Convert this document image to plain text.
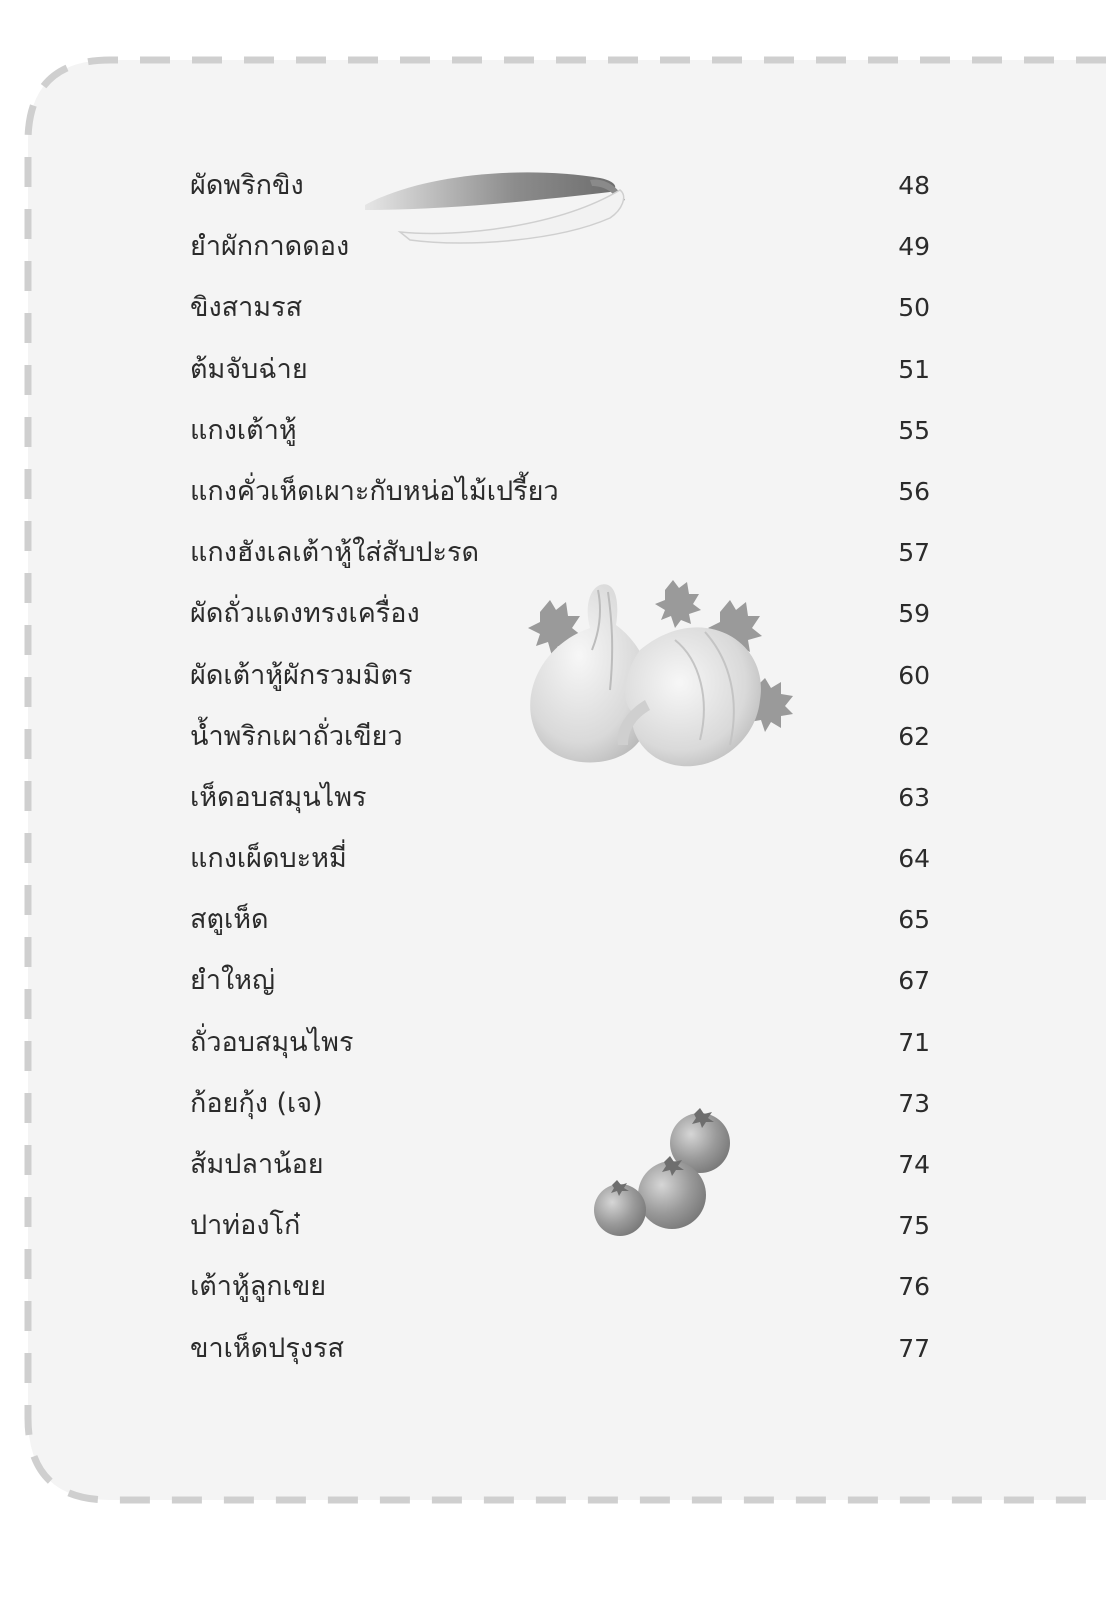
ผัดพริกขิง	48
ยำผักกาดดอง	49
ขิงสามรส	50
ต้มจับฉ่าย	51
แกงเต้าหู้	55
แกงคั่วเห็ดเผาะกับหน่อไม้เปรี้ยว	56
แกงฮังเลเต้าหู้ใส่สับปะรด	57
ผัดถั่วแดงทรงเครื่อง	59
ผัดเต้าหู้ผักรวมมิตร	60
น้ำพริกเผาถั่วเขียว	62
เห็ดอบสมุนไพร	63
แกงเผ็ดบะหมี่	64
สตูเห็ด	65
ยำใหญ่	67
ถั่วอบสมุนไพร	71
ก้อยกุ้ง (เจ)	73
ส้มปลาน้อย	74
ปาท่องโก๋	75
เต้าหู้ลูกเขย	76
ขาเห็ดปรุงรส	77
